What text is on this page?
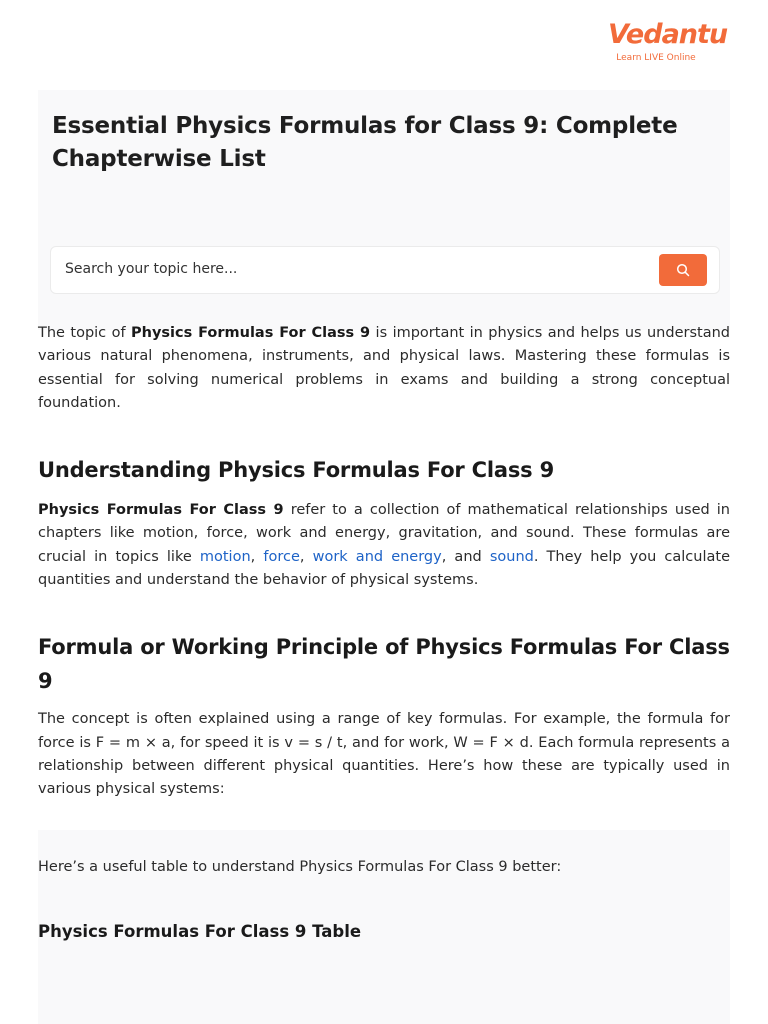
Vedantu
Learn LIVE Online
Essential Physics Formulas for Class 9: Complete Chapterwise List
Search your topic here...

The topic of Physics Formulas For Class 9 is important in physics and helps us understand various natural phenomena, instruments, and physical laws. Mastering these formulas is essential for solving numerical problems in exams and building a strong conceptual foundation.

Understanding Physics Formulas For Class 9

Physics Formulas For Class 9 refer to a collection of mathematical relationships used in chapters like motion, force, work and energy, gravitation, and sound. These formulas are crucial in topics like motion, force, work and energy, and sound. They help you calculate quantities and understand the behavior of physical systems.

Formula or Working Principle of Physics Formulas For Class 9

The concept is often explained using a range of key formulas. For example, the formula for force is F = m × a, for speed it is v = s / t, and for work, W = F × d. Each formula represents a relationship between different physical quantities. Here’s how these are typically used in various physical systems:

Here’s a useful table to understand Physics Formulas For Class 9 better:

Physics Formulas For Class 9 Table
